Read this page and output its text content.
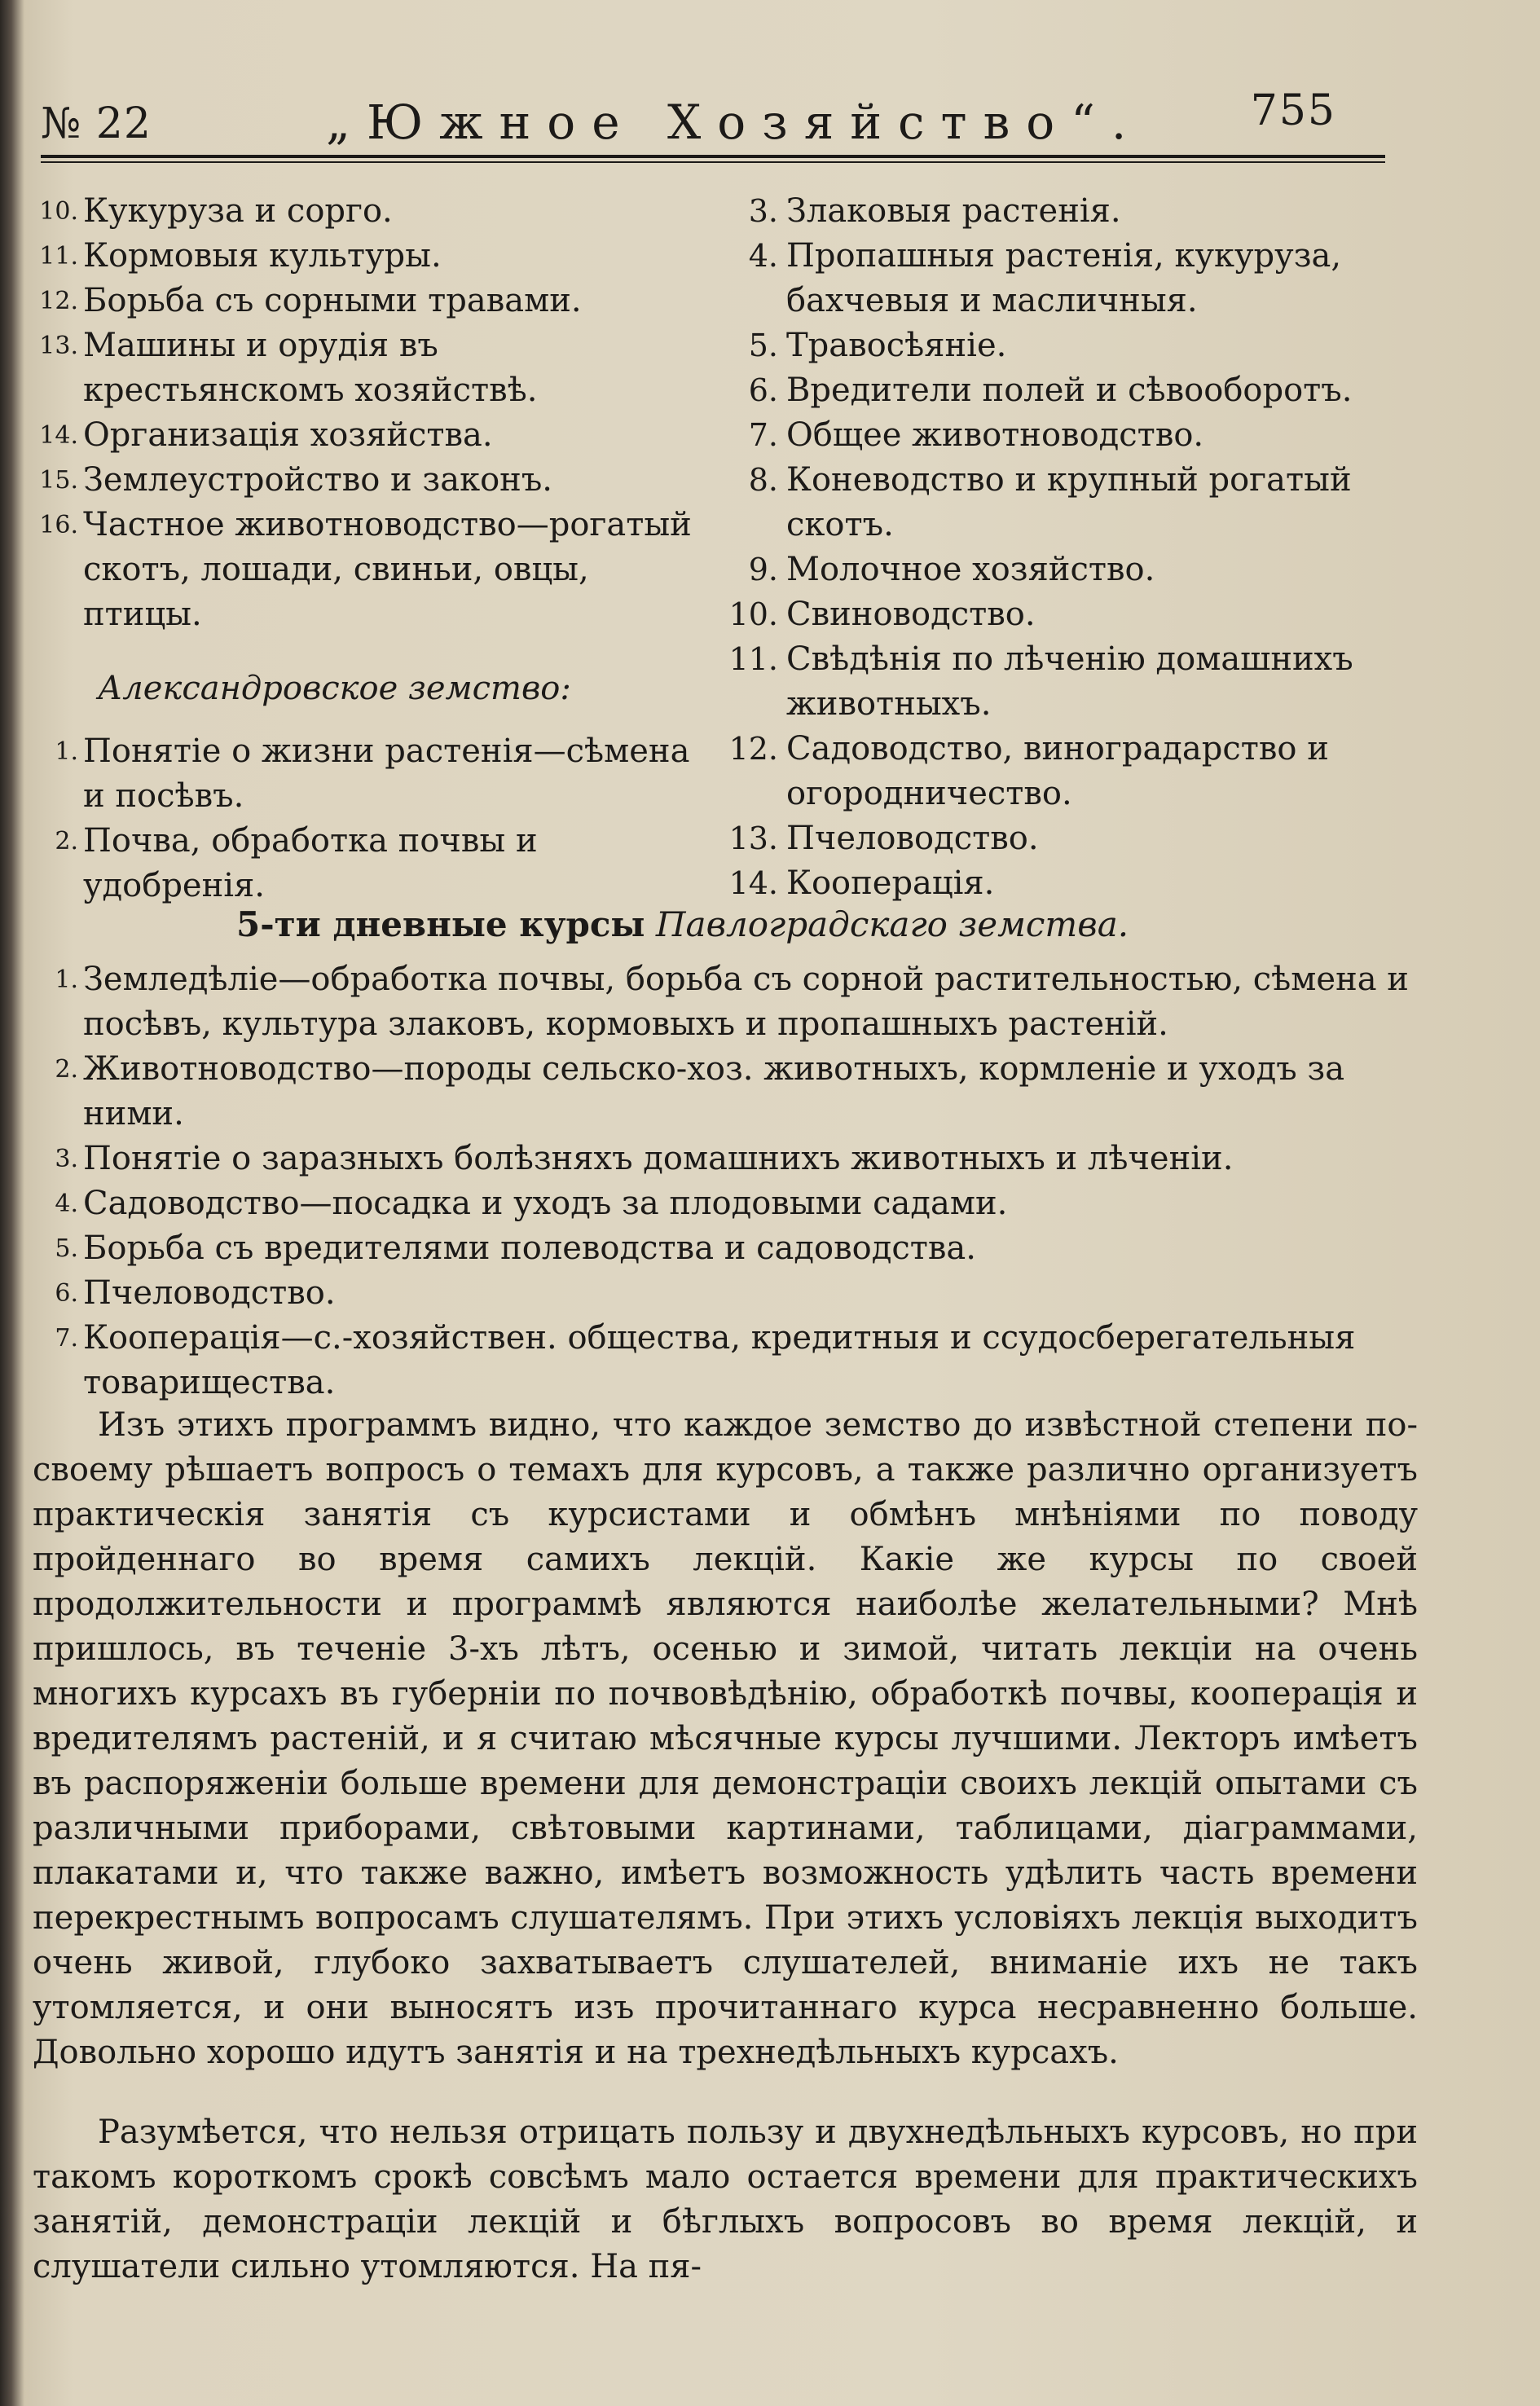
№ 22	„Южное Хозяйство“.	755
10. Кукуруза и сорго.
11. Кормовыя культуры.
12. Борьба съ сорными травами.
13. Машины и орудія въ крестьянскомъ хозяйствѣ.
14. Организація хозяйства.
15. Землеустройство и законъ.
16. Частное животноводство—рогатый скотъ, лошади, свиньи, овцы, птицы.
Александровское земство:
1. Понятіе о жизни растенія—сѣмена и посѣвъ.
2. Почва, обработка почвы и удобренія.
3. Злаковыя растенія.
4. Пропашныя растенія, кукуруза, бахчевыя и масличныя.
5. Травосѣяніе.
6. Вредители полей и сѣвооборотъ.
7. Общее животноводство.
8. Коневодство и крупный рогатый скотъ.
9. Молочное хозяйство.
10. Свиноводство.
11. Свѣдѣнія по лѣченію домашнихъ животныхъ.
12. Садоводство, виноградарство и огородничество.
13. Пчеловодство.
14. Кооперація.
5-ти дневные курсы Павлоградскаго земства.
1. Земледѣліе—обработка почвы, борьба съ сорной растительностью, сѣмена и посѣвъ, культура злаковъ, кормовыхъ и пропашныхъ растеній.
2. Животноводство—породы сельско-хоз. животныхъ, кормленіе и уходъ за ними.
3. Понятіе о заразныхъ болѣзняхъ домашнихъ животныхъ и лѣченіи.
4. Садоводство—посадка и уходъ за плодовыми садами.
5. Борьба съ вредителями полеводства и садоводства.
6. Пчеловодство.
7. Кооперація—с.-хозяйствен. общества, кредитныя и ссудосберегательныя товарищества.

Изъ этихъ программъ видно, что каждое земство до извѣстной степени по-своему рѣшаетъ вопросъ о темахъ для курсовъ, а также различно организуетъ практическія занятія съ курсистами и обмѣнъ мнѣніями по поводу пройденнаго во время самихъ лекцій. Какіе же курсы по своей продолжительности и программѣ являются наиболѣе желательными? Мнѣ пришлось, въ теченіе 3-хъ лѣтъ, осенью и зимой, читать лекціи на очень многихъ курсахъ въ губерніи по почвовѣдѣнію, обработкѣ почвы, кооперація и вредителямъ растеній, и я считаю мѣсячные курсы лучшими. Лекторъ имѣетъ въ распоряженіи больше времени для демонстраціи своихъ лекцій опытами съ различными приборами, свѣтовыми картинами, таблицами, діаграммами, плакатами и, что также важно, имѣетъ возможность удѣлить часть времени перекрестнымъ вопросамъ слушателямъ. При этихъ условіяхъ лекція выходитъ очень живой, глубоко захватываетъ слушателей, вниманіе ихъ не такъ утомляется, и они выносятъ изъ прочитаннаго курса несравненно больше. Довольно хорошо идутъ занятія и на трехнедѣльныхъ курсахъ.

Разумѣется, что нельзя отрицать пользу и двухнедѣльныхъ курсовъ, но при такомъ короткомъ срокѣ совсѣмъ мало остается времени для практическихъ занятій, демонстраціи лекцій и бѣглыхъ вопросовъ во время лекцій, и слушатели сильно утомляются. На пя-
